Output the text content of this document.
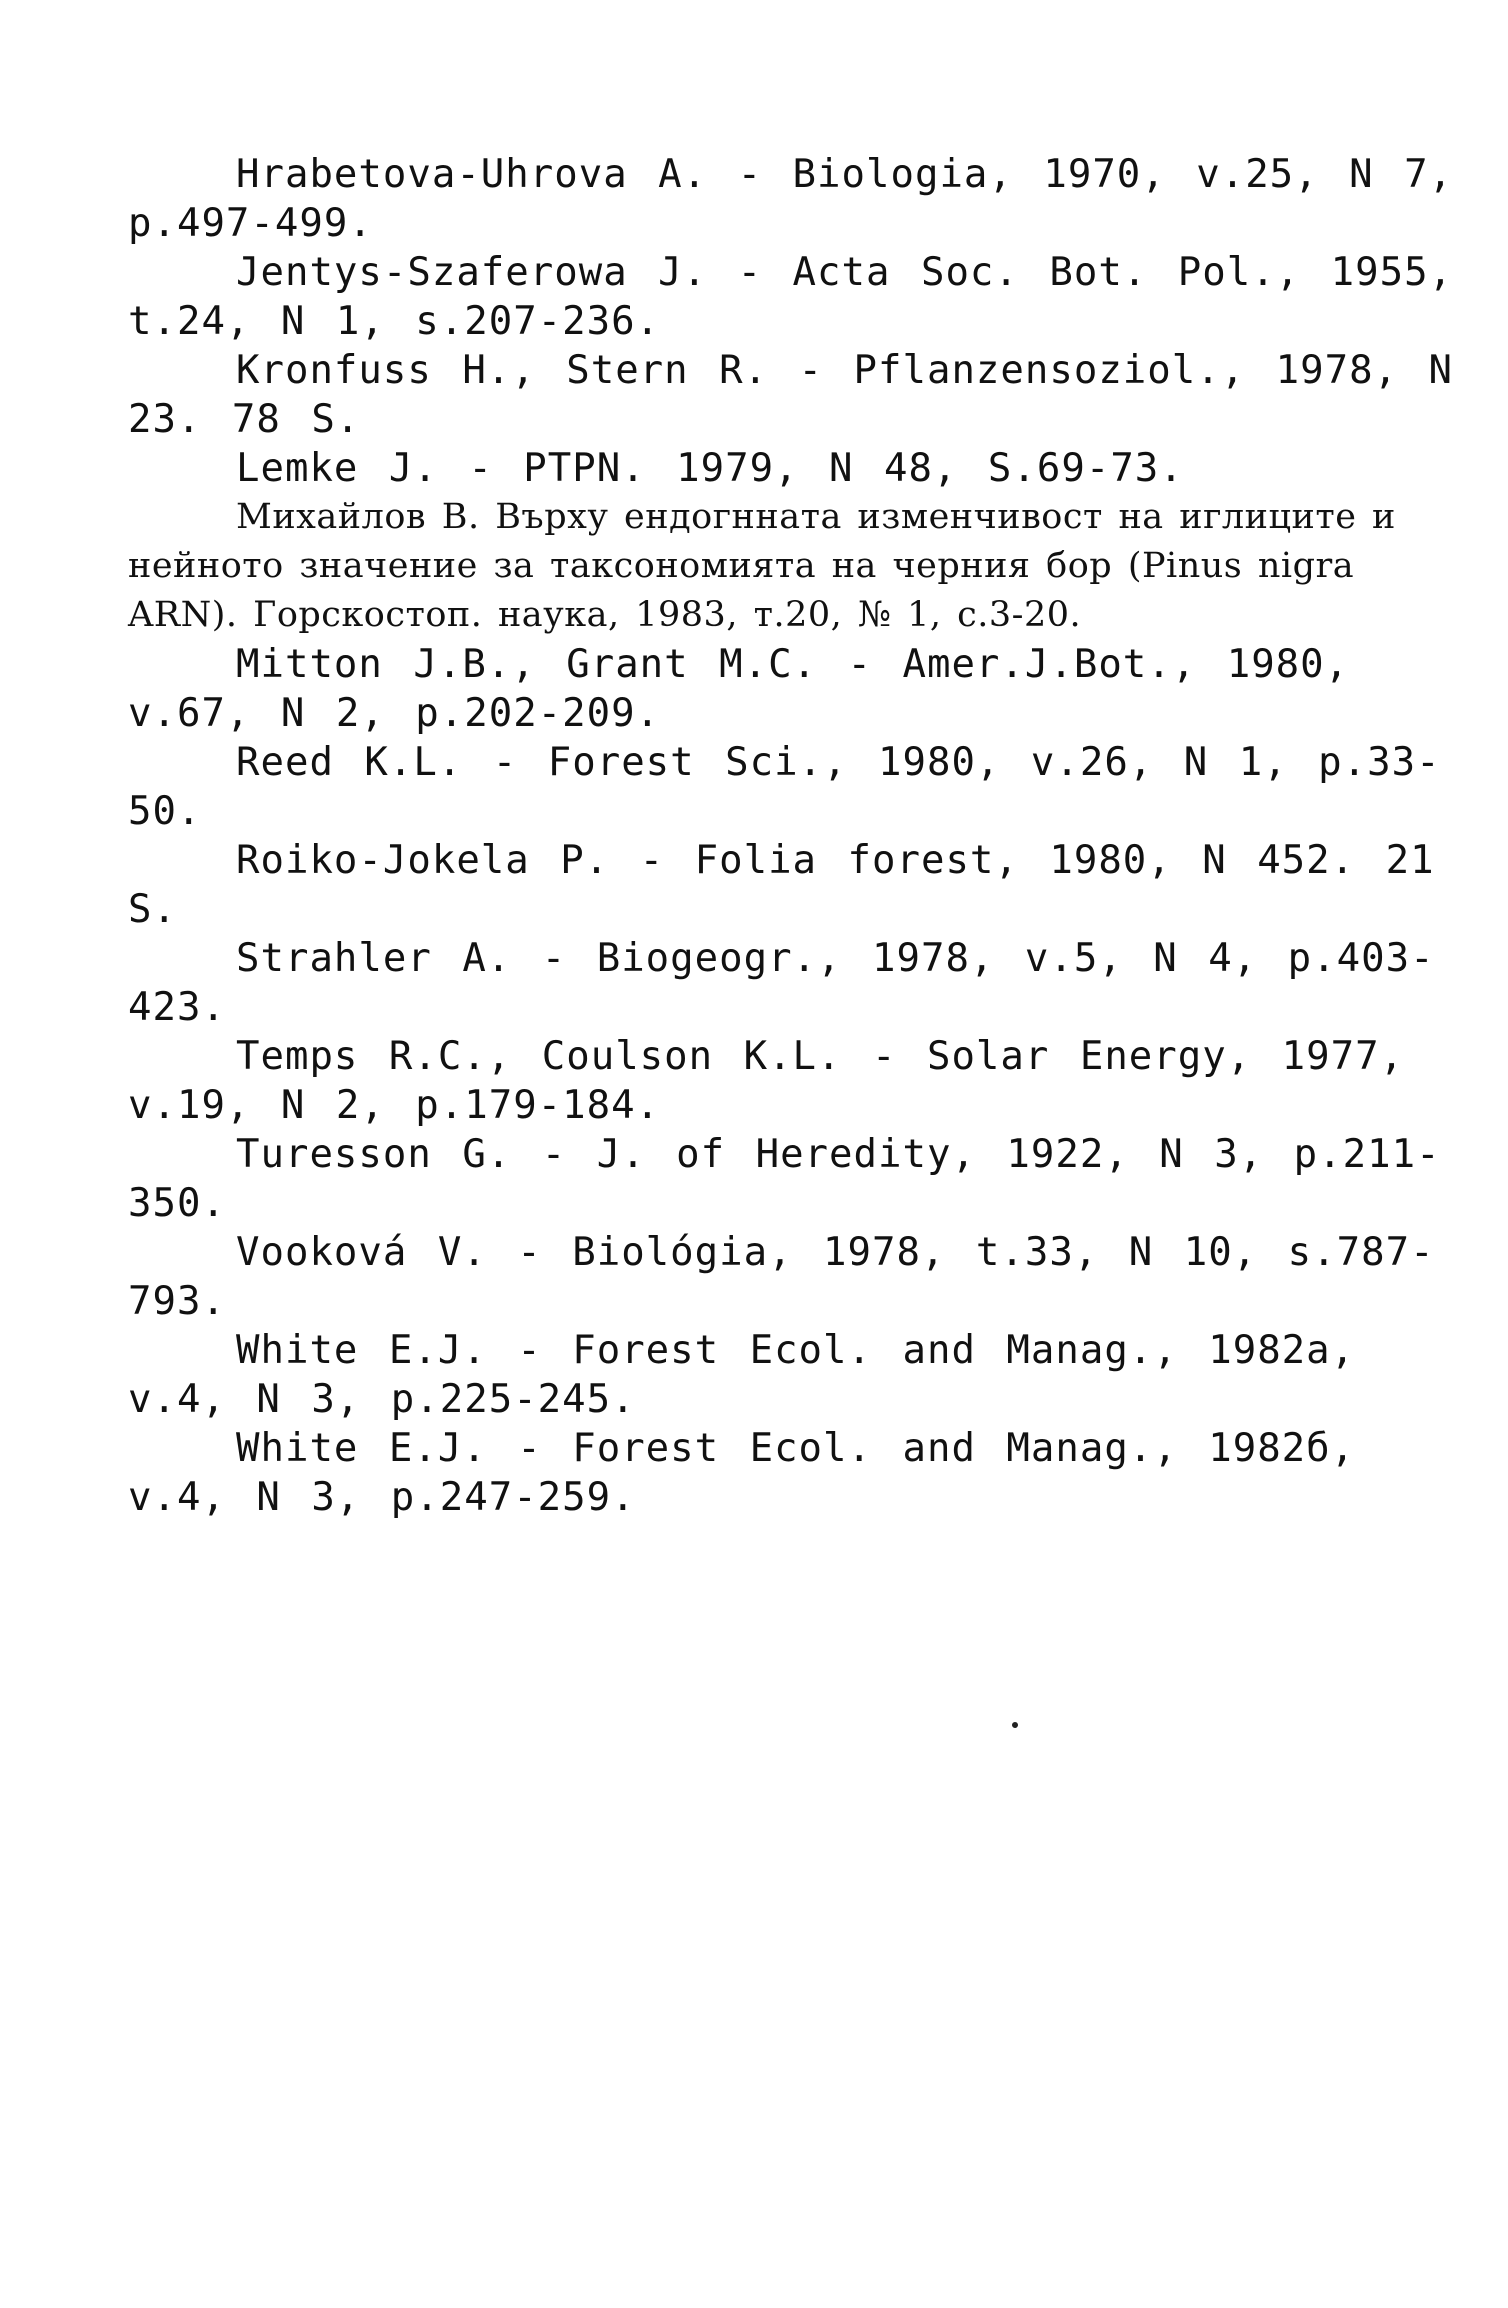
Hrabetova-Uhrova A. - Biologia, 1970, v.25, N 7, p.497-499.

Jentys-Szaferowa J. - Acta Soc. Bot. Pol., 1955, t.24, N 1, s.207-236.

Kronfuss H., Stern R. - Pflanzensoziol., 1978, N 23. 78 S.

Lemke J. - PTPN. 1979, N 48, S.69-73.

Михайлов В. Върху ендогнната изменчивост на иглиците и нейното значение за таксономията на черния бор (Pinus nigra ARN). Горскостоп. наука, 1983, т.20, № 1, с.3-20.

Mitton J.B., Grant M.C. - Amer.J.Bot., 1980, v.67, N 2, p.202-209.

Reed K.L. - Forest Sci., 1980, v.26, N 1, p.33-50.

Roiko-Jokela P. - Folia forest, 1980, N 452. 21 S.

Strahler A. - Biogeogr., 1978, v.5, N 4, p.403-423.

Temps R.C., Coulson K.L. - Solar Energy, 1977, v.19, N 2, p.179-184.

Turesson G. - J. of Heredity, 1922, N 3, p.211-350.

Vooková V. - Biológia, 1978, t.33, N 10, s.787-793.

White E.J. - Forest Ecol. and Manag., 1982a, v.4, N 3, p.225-245.

White E.J. - Forest Ecol. and Manag., 1982б, v.4, N 3, p.247-259.
